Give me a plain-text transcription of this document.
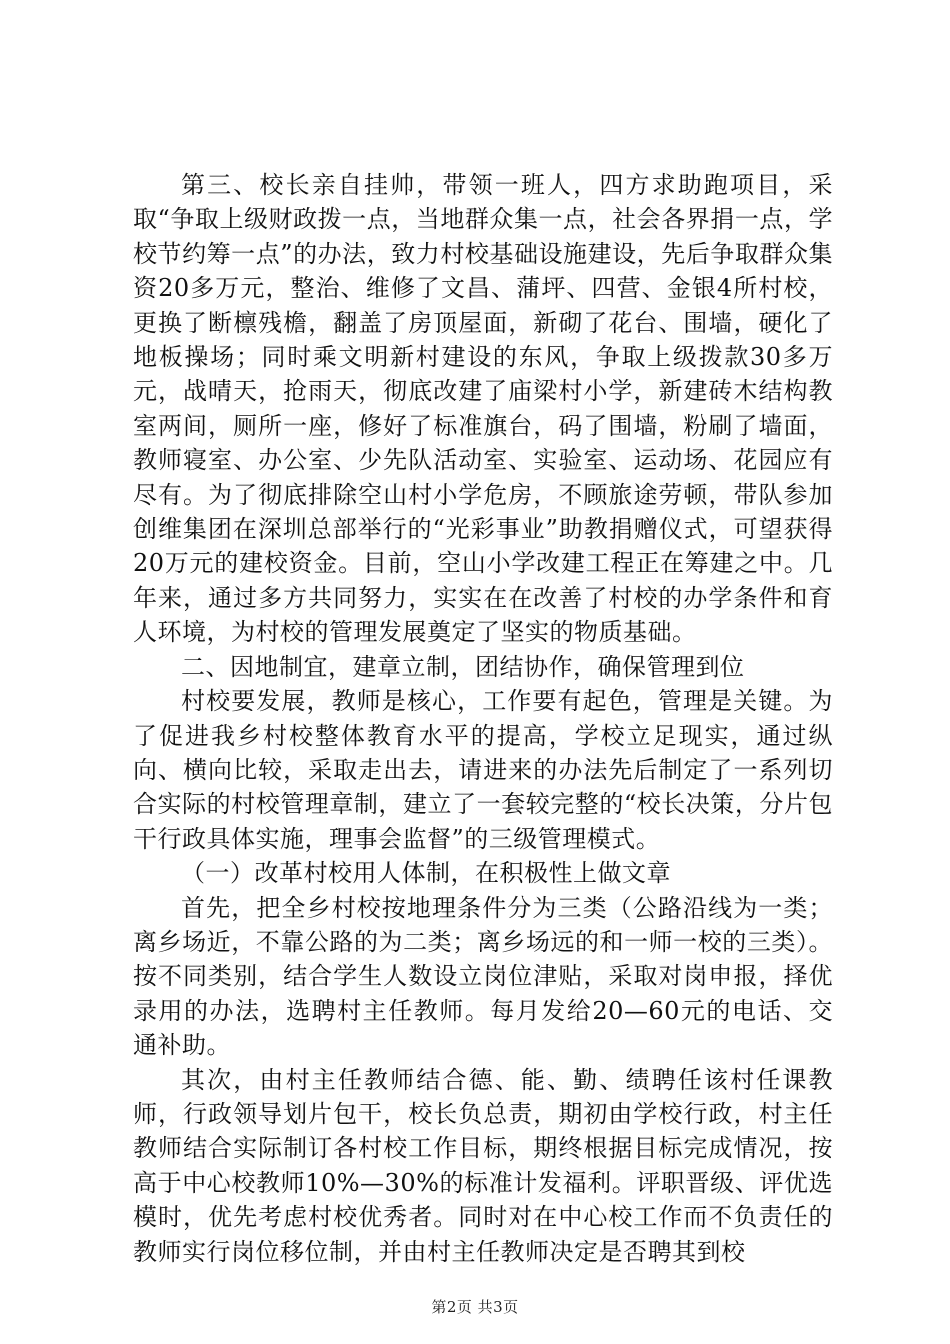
第三、校长亲自挂帅，带领一班人，四方求助跑项目，采取“争取上级财政拨一点，当地群众集一点，社会各界捐一点，学校节约筹一点”的办法，致力村校基础设施建设，先后争取群众集资20多万元，整治、维修了文昌、蒲坪、四营、金银4所村校，更换了断檩残檐，翻盖了房顶屋面，新砌了花台、围墙，硬化了地板操场；同时乘文明新村建设的东风，争取上级拨款30多万元，战晴天，抢雨天，彻底改建了庙梁村小学，新建砖木结构教室两间，厕所一座，修好了标准旗台，码了围墙，粉刷了墙面，教师寝室、办公室、少先队活动室、实验室、运动场、花园应有尽有。为了彻底排除空山村小学危房，不顾旅途劳顿，带队参加创维集团在深圳总部举行的“光彩事业”助教捐赠仪式，可望获得20万元的建校资金。目前，空山小学改建工程正在筹建之中。几年来，通过多方共同努力，实实在在改善了村校的办学条件和育人环境，为村校的管理发展奠定了坚实的物质基础。

二、因地制宜，建章立制，团结协作，确保管理到位

村校要发展，教师是核心，工作要有起色，管理是关键。为了促进我乡村校整体教育水平的提高，学校立足现实，通过纵向、横向比较，采取走出去，请进来的办法先后制定了一系列切合实际的村校管理章制，建立了一套较完整的“校长决策，分片包干行政具体实施，理事会监督”的三级管理模式。

（一）改革村校用人体制，在积极性上做文章

首先，把全乡村校按地理条件分为三类（公路沿线为一类；离乡场近，不靠公路的为二类；离乡场远的和一师一校的三类）。按不同类别，结合学生人数设立岗位津贴，采取对岗申报，择优录用的办法，选聘村主任教师。每月发给20—60元的电话、交通补助。

其次，由村主任教师结合德、能、勤、绩聘任该村任课教师，行政领导划片包干，校长负总责，期初由学校行政，村主任教师结合实际制订各村校工作目标，期终根据目标完成情况，按高于中心校教师10%—30%的标准计发福利。评职晋级、评优选模时，优先考虑村校优秀者。同时对在中心校工作而不负责任的教师实行岗位移位制，并由村主任教师决定是否聘其到校

第2页 共3页
